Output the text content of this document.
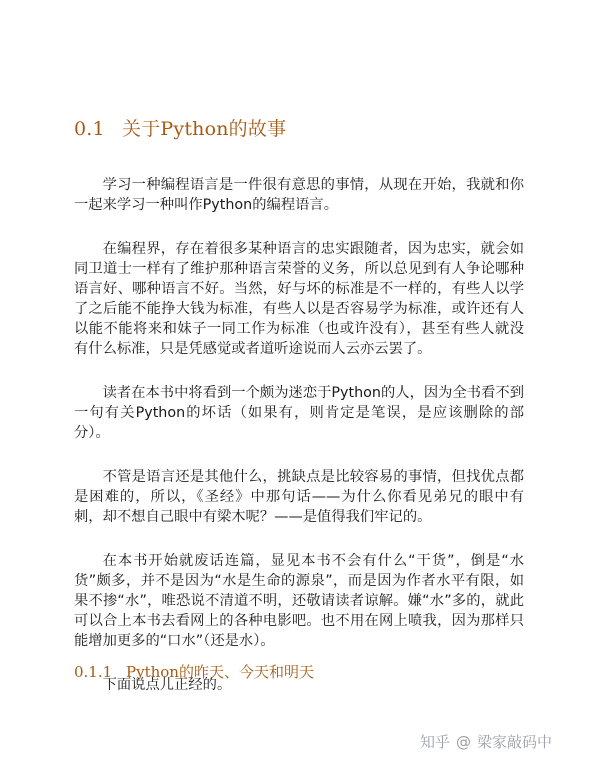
0.1 关于Python的故事

学习一种编程语言是一件很有意思的事情，从现在开始，我就和你一起来学习一种叫作Python的编程语言。

在编程界，存在着很多某种语言的忠实跟随者，因为忠实，就会如同卫道士一样有了维护那种语言荣誉的义务，所以总见到有人争论哪种语言好、哪种语言不好。当然，好与坏的标准是不一样的，有些人以学了之后能不能挣大钱为标准，有些人以是否容易学为标准，或许还有人以能不能将来和妹子一同工作为标准（也或许没有），甚至有些人就没有什么标准，只是凭感觉或者道听途说而人云亦云罢了。

读者在本书中将看到一个颇为迷恋于Python的人，因为全书看不到一句有关Python的坏话（如果有，则肯定是笔误，是应该删除的部分）。

不管是语言还是其他什么，挑缺点是比较容易的事情，但找优点都是困难的，所以，《圣经》中那句话——为什么你看见弟兄的眼中有刺，却不想自己眼中有梁木呢？——是值得我们牢记的。

在本书开始就废话连篇，显见本书不会有什么“干货”，倒是“水货”颇多，并不是因为“水是生命的源泉”，而是因为作者水平有限，如果不掺“水”，唯恐说不清道不明，还敬请读者谅解。嫌“水”多的，就此可以合上本书去看网上的各种电影吧。也不用在网上喷我，因为那样只能增加更多的“口水”（还是水）。

下面说点儿正经的。

0.1.1 Python的昨天、今天和明天
知乎 @ 梁家敲码中
